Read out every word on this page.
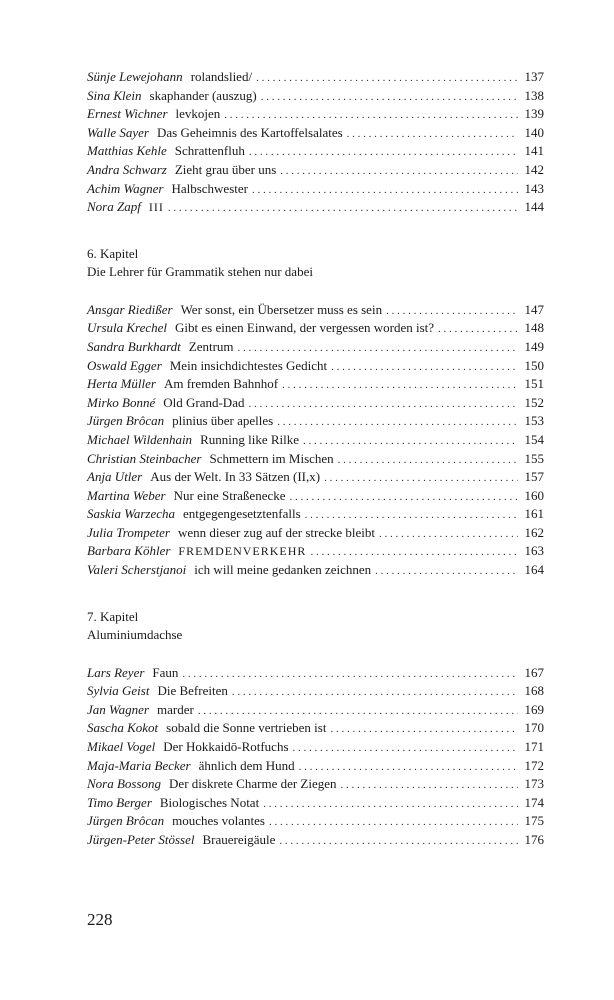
Sünje Lewejohann rolandslied/ . . .	137
Sina Klein skaphander (auszug) . . .	138
Ernest Wichner levkojen . . .	139
Walle Sayer Das Geheimnis des Kartoffelsalates . . .	140
Matthias Kehle Schrattenfluh . . .	141
Andra Schwarz Zieht grau über uns . . .	142
Achim Wagner Halbschwester . . .	143
Nora Zapf III . . .	144
6. Kapitel
Die Lehrer für Grammatik stehen nur dabei
Ansgar Riedißer Wer sonst, ein Übersetzer muss es sein . . .	147
Ursula Krechel Gibt es einen Einwand, der vergessen worden ist? . . .	148
Sandra Burkhardt Zentrum . . .	149
Oswald Egger Mein insichdichtestes Gedicht . . .	150
Herta Müller Am fremden Bahnhof . . .	151
Mirko Bonné Old Grand-Dad . . .	152
Jürgen Brôcan plinius über apelles . . .	153
Michael Wildenhain Running like Rilke . . .	154
Christian Steinbacher Schmettern im Mischen . . .	155
Anja Utler Aus der Welt. In 33 Sätzen (II,x) . . .	157
Martina Weber Nur eine Straßenecke . . .	160
Saskia Warzecha entgegengesetztenfalls . . .	161
Julia Trompeter wenn dieser zug auf der strecke bleibt . . .	162
Barbara Köhler FREMDENVERKEHR . . .	163
Valeri Scherstjanoi ich will meine gedanken zeichnen . . .	164
7. Kapitel
Aluminiumdachse
Lars Reyer Faun . . .	167
Sylvia Geist Die Befreiten . . .	168
Jan Wagner marder . . .	169
Sascha Kokot sobald die Sonne vertrieben ist . . .	170
Mikael Vogel Der Hokkaidō-Rotfuchs . . .	171
Maja-Maria Becker ähnlich dem Hund . . .	172
Nora Bossong Der diskrete Charme der Ziegen . . .	173
Timo Berger Biologisches Notat . . .	174
Jürgen Brôcan mouches volantes . . .	175
Jürgen-Peter Stössel Brauereigäule . . .	176
228
